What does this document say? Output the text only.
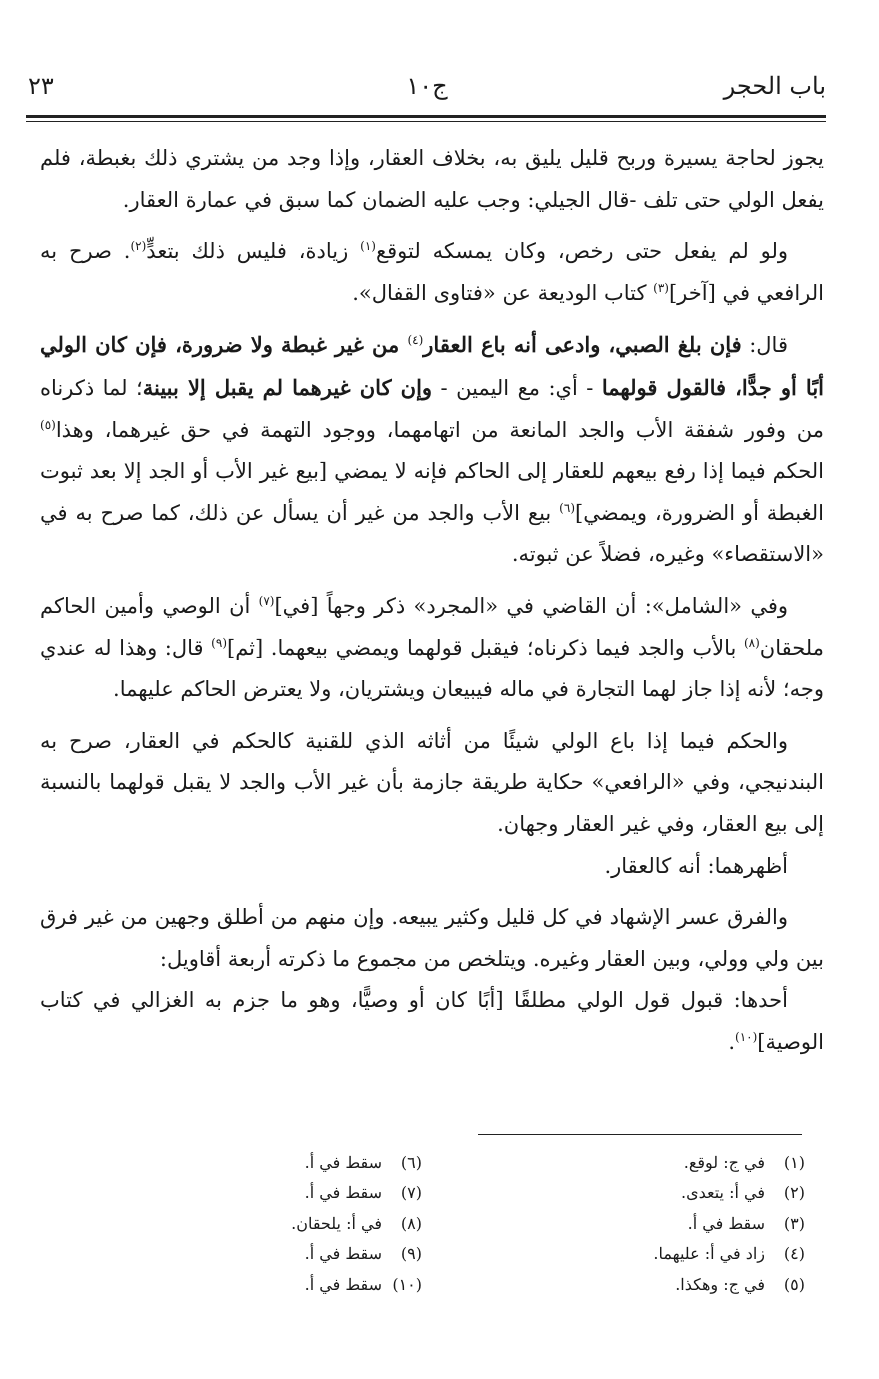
باب الحجر
ج١٠
٢٣

يجوز لحاجة يسيرة وربح قليل يليق به، بخلاف العقار، وإذا وجد من يشتري ذلك بغبطة، فلم يفعل الولي حتى تلف -قال الجيلي: وجب عليه الضمان كما سبق في عمارة العقار.

ولو لم يفعل حتى رخص، وكان يمسكه لتوقع$^{(١)}$ زيادة، فليس ذلك بتعدٍّ$^{(٢)}$. صرح به الرافعي في [آخر]$^{(٣)}$ كتاب الوديعة عن «فتاوى القفال».

قال: فإن بلغ الصبي، وادعى أنه باع العقار$^{(٤)}$ من غير غبطة ولا ضرورة، فإن كان الولي أبًا أو جدًّا، فالقول قولهما - أي: مع اليمين - وإن كان غيرهما لم يقبل إلا ببينة؛ لما ذكرناه من وفور شفقة الأب والجد المانعة من اتهامهما، ووجود التهمة في حق غيرهما، وهذا$^{(٥)}$ الحكم فيما إذا رفع بيعهم للعقار إلى الحاكم فإنه لا يمضي [بيع غير الأب أو الجد إلا بعد ثبوت الغبطة أو الضرورة، ويمضي]$^{(٦)}$ بيع الأب والجد من غير أن يسأل عن ذلك، كما صرح به في «الاستقصاء» وغيره، فضلاً عن ثبوته.

وفي «الشامل»: أن القاضي في «المجرد» ذكر وجهاً [في]$^{(٧)}$ أن الوصي وأمين الحاكم ملحقان$^{(٨)}$ بالأب والجد فيما ذكرناه؛ فيقبل قولهما ويمضي بيعهما. [ثم]$^{(٩)}$ قال: وهذا له عندي وجه؛ لأنه إذا جاز لهما التجارة في ماله فيبيعان ويشتريان، ولا يعترض الحاكم عليهما.

والحكم فيما إذا باع الولي شيئًا من أثاثه الذي للقنية كالحكم في العقار، صرح به البندنيجي، وفي «الرافعي» حكاية طريقة جازمة بأن غير الأب والجد لا يقبل قولهما بالنسبة إلى بيع العقار، وفي غير العقار وجهان.

أظهرهما: أنه كالعقار.

والفرق عسر الإشهاد في كل قليل وكثير يبيعه. وإن منهم من أطلق وجهين من غير فرق بين ولي وولي، وبين العقار وغيره. ويتلخص من مجموع ما ذكرته أربعة أقاويل:

أحدها: قبول قول الولي مطلقًا [أبًا كان أو وصيًّا، وهو ما جزم به الغزالي في كتاب الوصية]$^{(١٠)}$.

(١)
في ج: لوقع.
(٢)
في أ: يتعدى.
(٣)
سقط في أ.
(٤)
زاد في أ: عليهما.
(٥)
في ج: وهكذا.
(٦)
سقط في أ.
(٧)
سقط في أ.
(٨)
في أ: يلحقان.
(٩)
سقط في أ.
(١٠)
سقط في أ.
